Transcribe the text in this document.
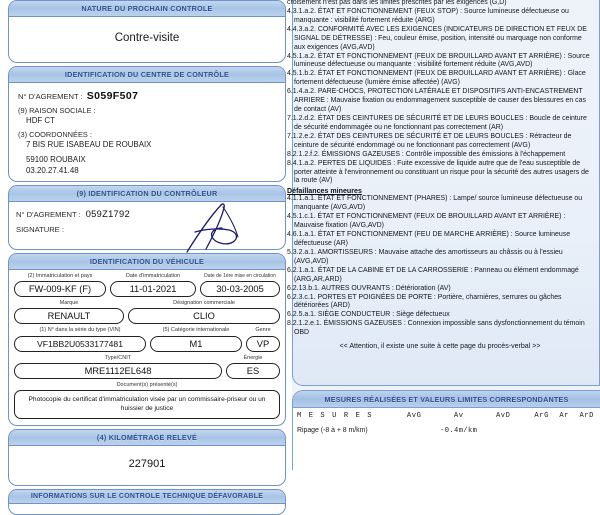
NATURE DU PROCHAIN CONTROLE
Contre-visite
IDENTIFICATION DU CENTRE DE CONTRÔLE
N° D'AGREMENT : S059F507
(9) RAISON SOCIALE :
HDF CT
(3) COORDONNÉES :
7 BIS RUE ISABEAU DE ROUBAIX
59100 ROUBAIX
03.20.27.41.48
(9) IDENTIFICATION DU CONTRÔLEUR
N° D'AGREMENT : 059Z1792
SIGNATURE :
IDENTIFICATION DU VÉHICULE
(2) Immatriculation et pays
FW-009-KF (F)
Date d'immatriculation
11-01-2021
Date de 1ère mise en circulation
30-03-2005
Marque
RENAULT
Désignation commerciale
CLIO
(1) N° dans la série du type (VIN)
VF1BB2U0533177481
(5) Catégorie internationale
M1
Genre
VP
Type/CNIT
MRE1112EL648
Énergie
ES
Document(s) présenté(s)
Photocopie du certificat d'immatriculation visée par un commissaire-priseur ou un huissier de justice
(4) KILOMÉTRAGE RELEVÉ
227901
INFORMATIONS SUR LE CONTROLE TECHNIQUE DÉFAVORABLE
croisement n'est pas dans les limites prescrites par les exigences (G,D)
4.3.1.a.2. ÉTAT ET FONCTIONNEMENT (FEUX STOP) : Source lumineuse défectueuse ou manquante : visibilité fortement réduite (ARG)
4.4.3.a.2. CONFORMITÉ AVEC LES EXIGENCES (INDICATEURS DE DIRECTION ET FEUX DE SIGNAL DE DÉTRESSE) : Feu, couleur émise, position, intensité ou marquage non conforme aux exigences (AVG,AVD)
4.5.1.a.2. ÉTAT ET FONCTIONNEMENT (FEUX DE BROUILLARD AVANT ET ARRIÈRE) : Source lumineuse défectueuse ou manquante : visibilité fortement réduite (AVG,AVD)
4.5.1.b.2. ÉTAT ET FONCTIONNEMENT (FEUX DE BROUILLARD AVANT ET ARRIÈRE) : Glace fortement défectueuse (lumière émise affectée) (AVG)
6.1.4.a.2. PARE-CHOCS, PROTECTION LATÉRALE ET DISPOSITIFS ANTI-ENCASTREMENT ARRIERE : Mauvaise fixation ou endommagement susceptible de causer des blessures en cas de contact (AV)
7.1.2.d.2. ÉTAT DES CEINTURES DE SÉCURITÉ ET DE LEURS BOUCLES : Boucle de ceinture de sécurité endommagée ou ne fonctionnant pas correctement (AR)
7.1.2.e.2. ÉTAT DES CEINTURES DE SÉCURITÉ ET DE LEURS BOUCLES : Rétracteur de ceinture de sécurité endommagé ou ne fonctionnant pas correctement (AVG)
8.2.1.2.f.2. ÉMISSIONS GAZEUSES : Contrôle impossible des émissions à l'échappement
8.4.1.a.2. PERTES DE LIQUIDES : Fuite excessive de liquide autre que de l'eau susceptible de porter atteinte à l'environnement ou constituant un risque pour la sécurité des autres usagers de la route (AV)
Défaillances mineures
4.1.1.a.1. ÉTAT ET FONCTIONNEMENT (PHARES) : Lampe/ source lumineuse défectueuse ou manquante (AVG,AVD)
4.5.1.c.1. ÉTAT ET FONCTIONNEMENT (FEUX DE BROUILLARD AVANT ET ARRIÈRE) : Mauvaise fixation (AVG,AVD)
4.6.1.a.1. ÉTAT ET FONCTIONNEMENT (FEU DE MARCHE ARRIÈRE) : Source lumineuse défectueuse (AR)
5.3.2.a.1. AMORTISSEURS : Mauvaise attache des amortisseurs au châssis ou à l'essieu (AVG,AVD)
6.2.1.a.1. ÉTAT DE LA CABINE ET DE LA CARROSSERIE : Panneau ou élément endommagé (ARG,AR,ARD)
6.2.13.b.1. AUTRES OUVRANTS : Détérioration (AV)
6.2.3.c.1. PORTES ET POIGNÉES DE PORTE : Portière, charnières, serrures ou gâches détériorées (ARD)
6.2.5.a.1. SIÈGE CONDUCTEUR : Siège défectueux
8.2.1.2.e.1. ÉMISSIONS GAZEUSES : Connexion impossible sans dysfonctionnement du témoin OBD
<< Attention, il existe une suite à cette page du procès-verbal >>
MESURES RÉALISÉES ET VALEURS LIMITES CORRESPONDANTES
M E S U R E S	AvG	Av	AvD		ArG	Ar	ArD
Ripage (-8 à + 8 m/km)		-0.4m/km					
